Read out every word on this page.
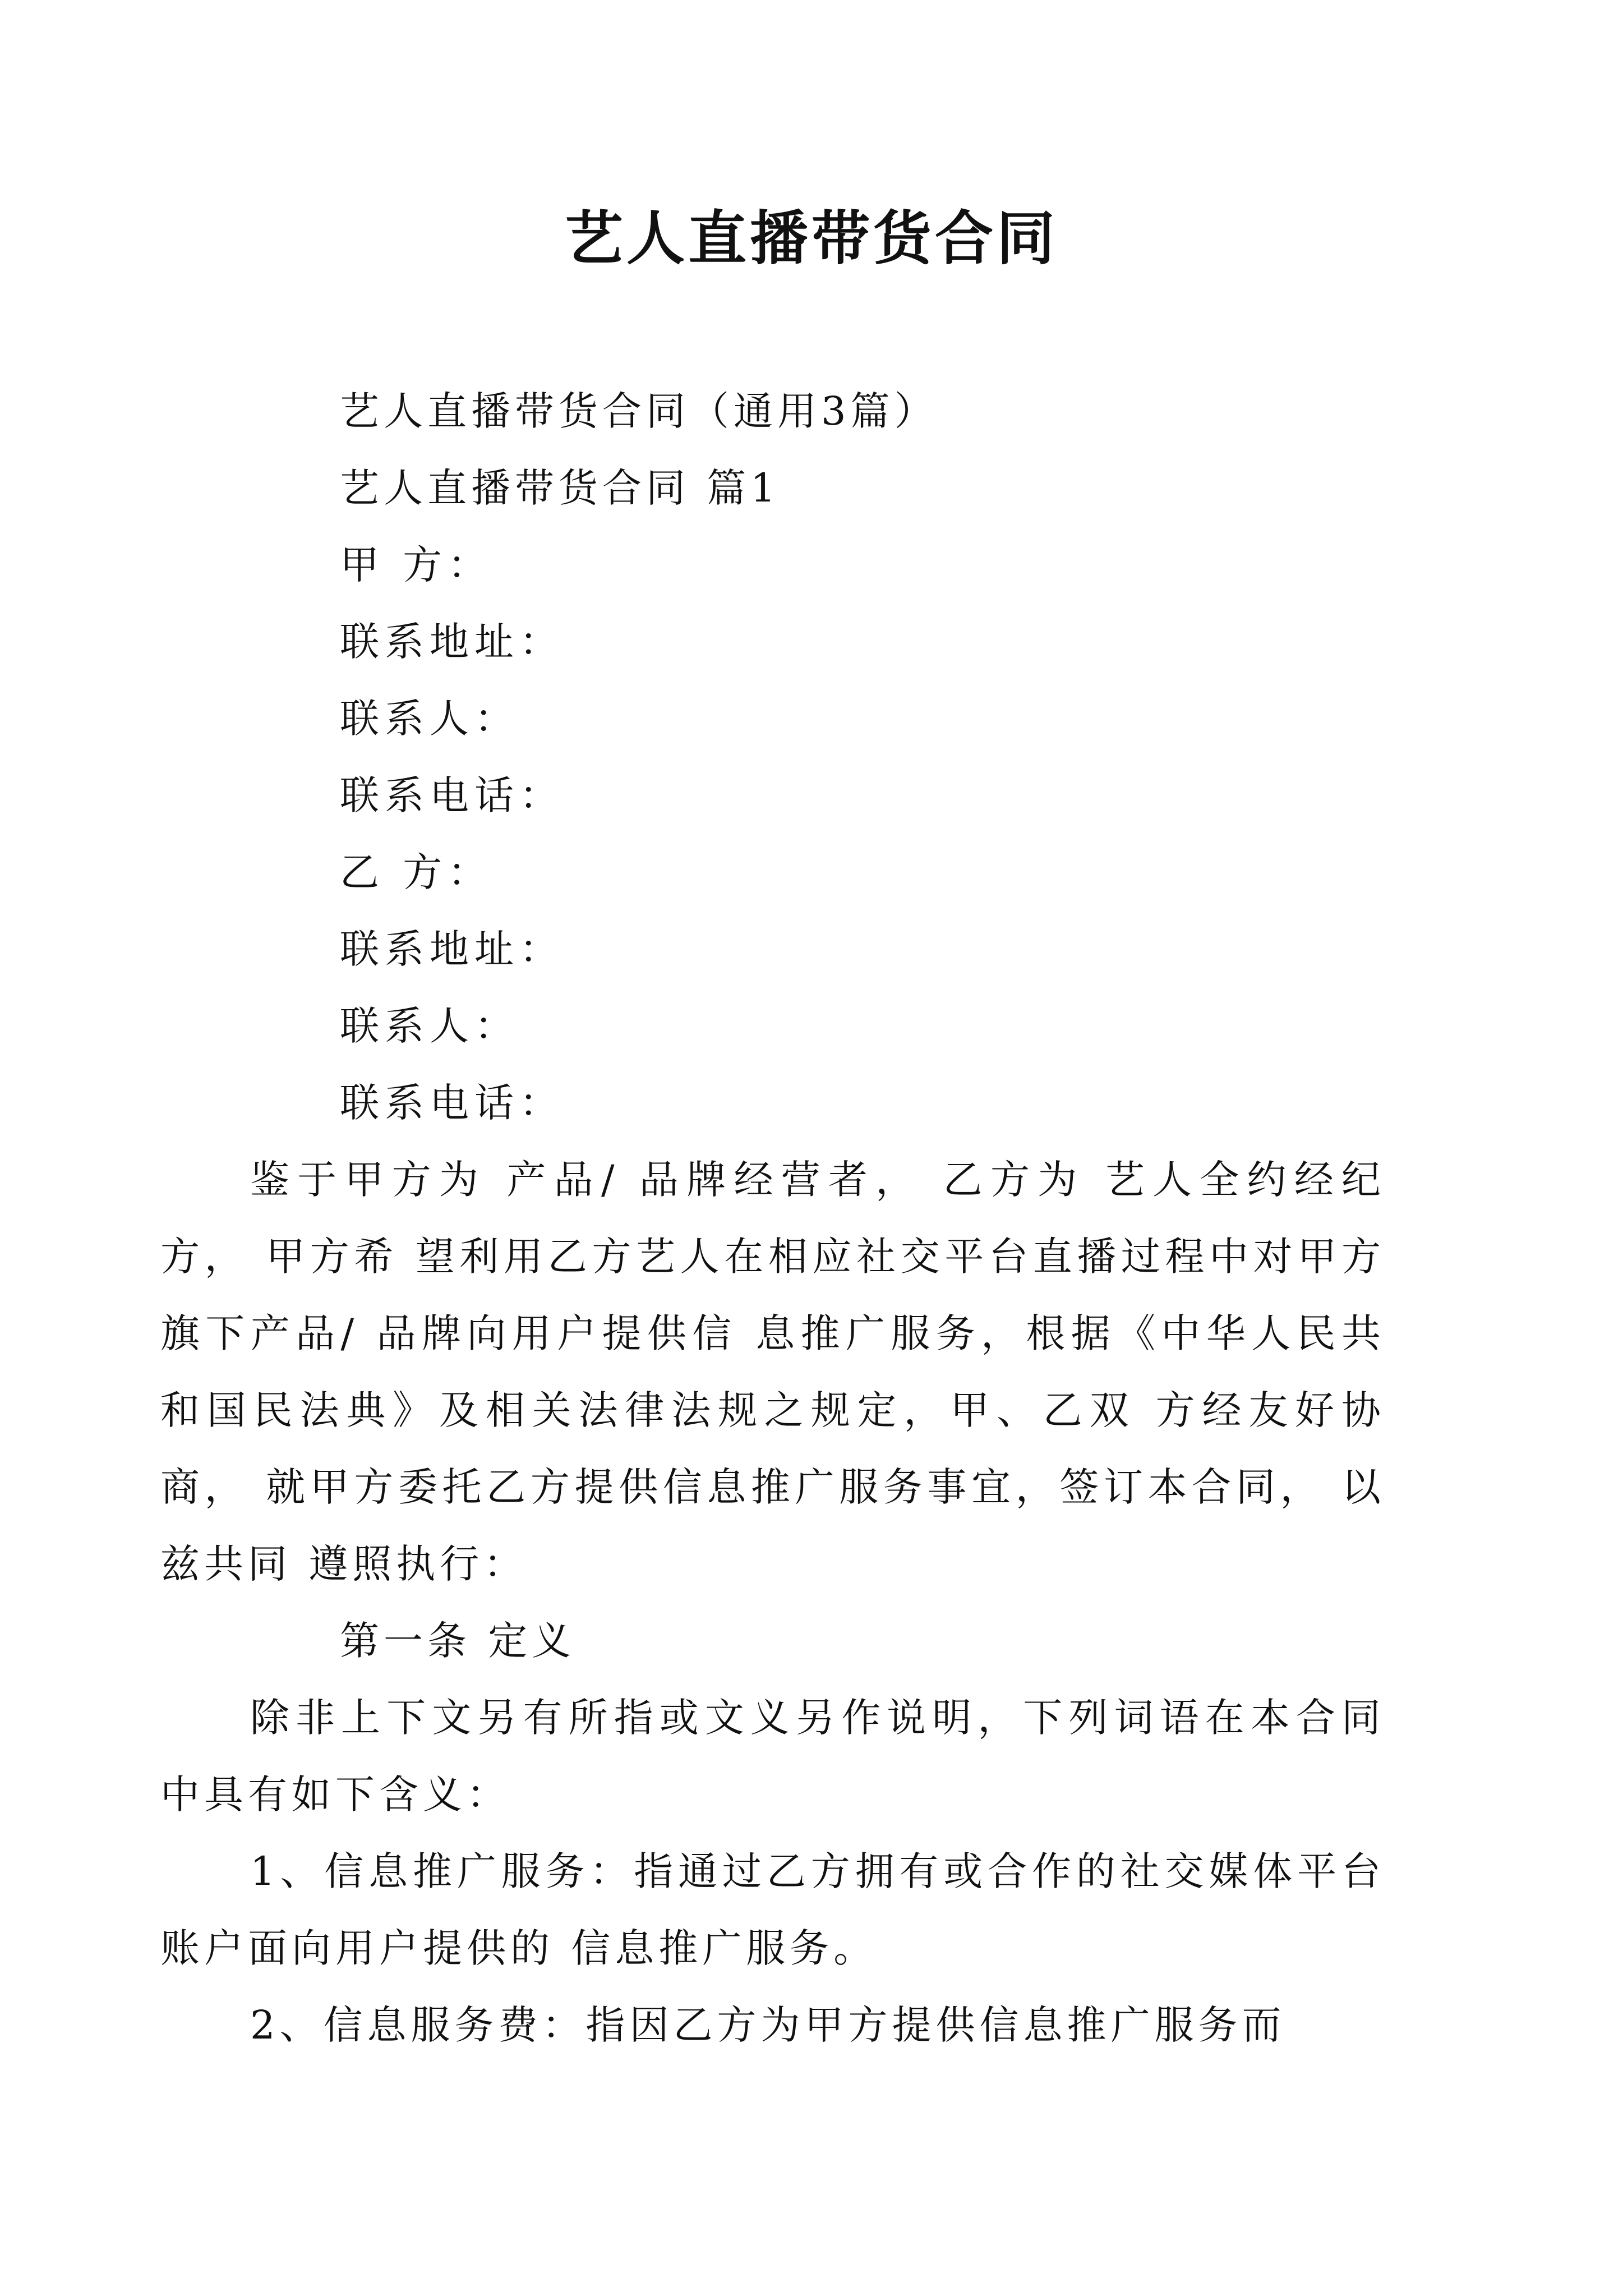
艺人直播带货合同

艺人直播带货合同（通用3篇）

艺人直播带货合同 篇1

甲 方：

联系地址：

联系人：

联系电话：

乙 方：

联系地址：

联系人：

联系电话：

鉴于甲方为 产品/ 品牌经营者， 乙方为 艺人全约经纪方， 甲方希 望利用乙方艺人在相应社交平台直播过程中对甲方旗下产品/ 品牌向用户提供信 息推广服务，根据《中华人民共和国民法典》及相关法律法规之规定，甲、乙双 方经友好协商， 就甲方委托乙方提供信息推广服务事宜，签订本合同， 以兹共同 遵照执行：

第一条 定义

除非上下文另有所指或文义另作说明，下列词语在本合同中具有如下含义：

1、信息推广服务：指通过乙方拥有或合作的社交媒体平台账户面向用户提供的 信息推广服务。

2、信息服务费：指因乙方为甲方提供信息推广服务而
